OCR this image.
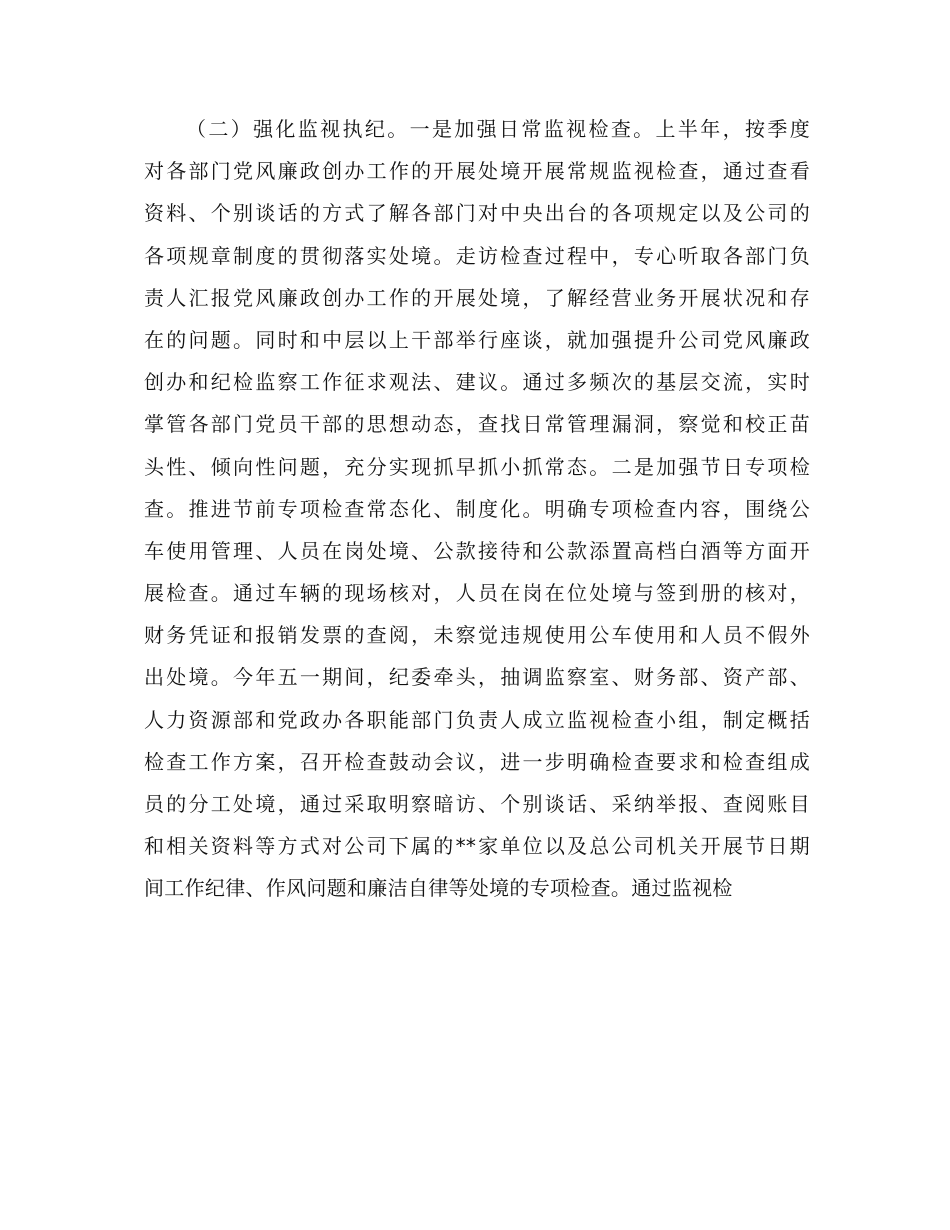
（二）强化监视执纪。一是加强日常监视检查。上半年，按季度
对各部门党风廉政创办工作的开展处境开展常规监视检查，通过查看
资料、个别谈话的方式了解各部门对中央出台的各项规定以及公司的
各项规章制度的贯彻落实处境。走访检查过程中，专心听取各部门负
责人汇报党风廉政创办工作的开展处境，了解经营业务开展状况和存
在的问题。同时和中层以上干部举行座谈，就加强提升公司党风廉政
创办和纪检监察工作征求观法、建议。通过多频次的基层交流，实时
掌管各部门党员干部的思想动态，查找日常管理漏洞，察觉和校正苗
头性、倾向性问题，充分实现抓早抓小抓常态。二是加强节日专项检
查。推进节前专项检查常态化、制度化。明确专项检查内容，围绕公
车使用管理、人员在岗处境、公款接待和公款添置高档白酒等方面开
展检查。通过车辆的现场核对，人员在岗在位处境与签到册的核对，
财务凭证和报销发票的查阅，未察觉违规使用公车使用和人员不假外
出处境。今年五一期间，纪委牵头，抽调监察室、财务部、资产部、
人力资源部和党政办各职能部门负责人成立监视检查小组，制定概括
检查工作方案，召开检查鼓动会议，进一步明确检查要求和检查组成
员的分工处境，通过采取明察暗访、个别谈话、采纳举报、查阅账目
和相关资料等方式对公司下属的**家单位以及总公司机关开展节日期
间工作纪律、作风问题和廉洁自律等处境的专项检查。通过监视检
